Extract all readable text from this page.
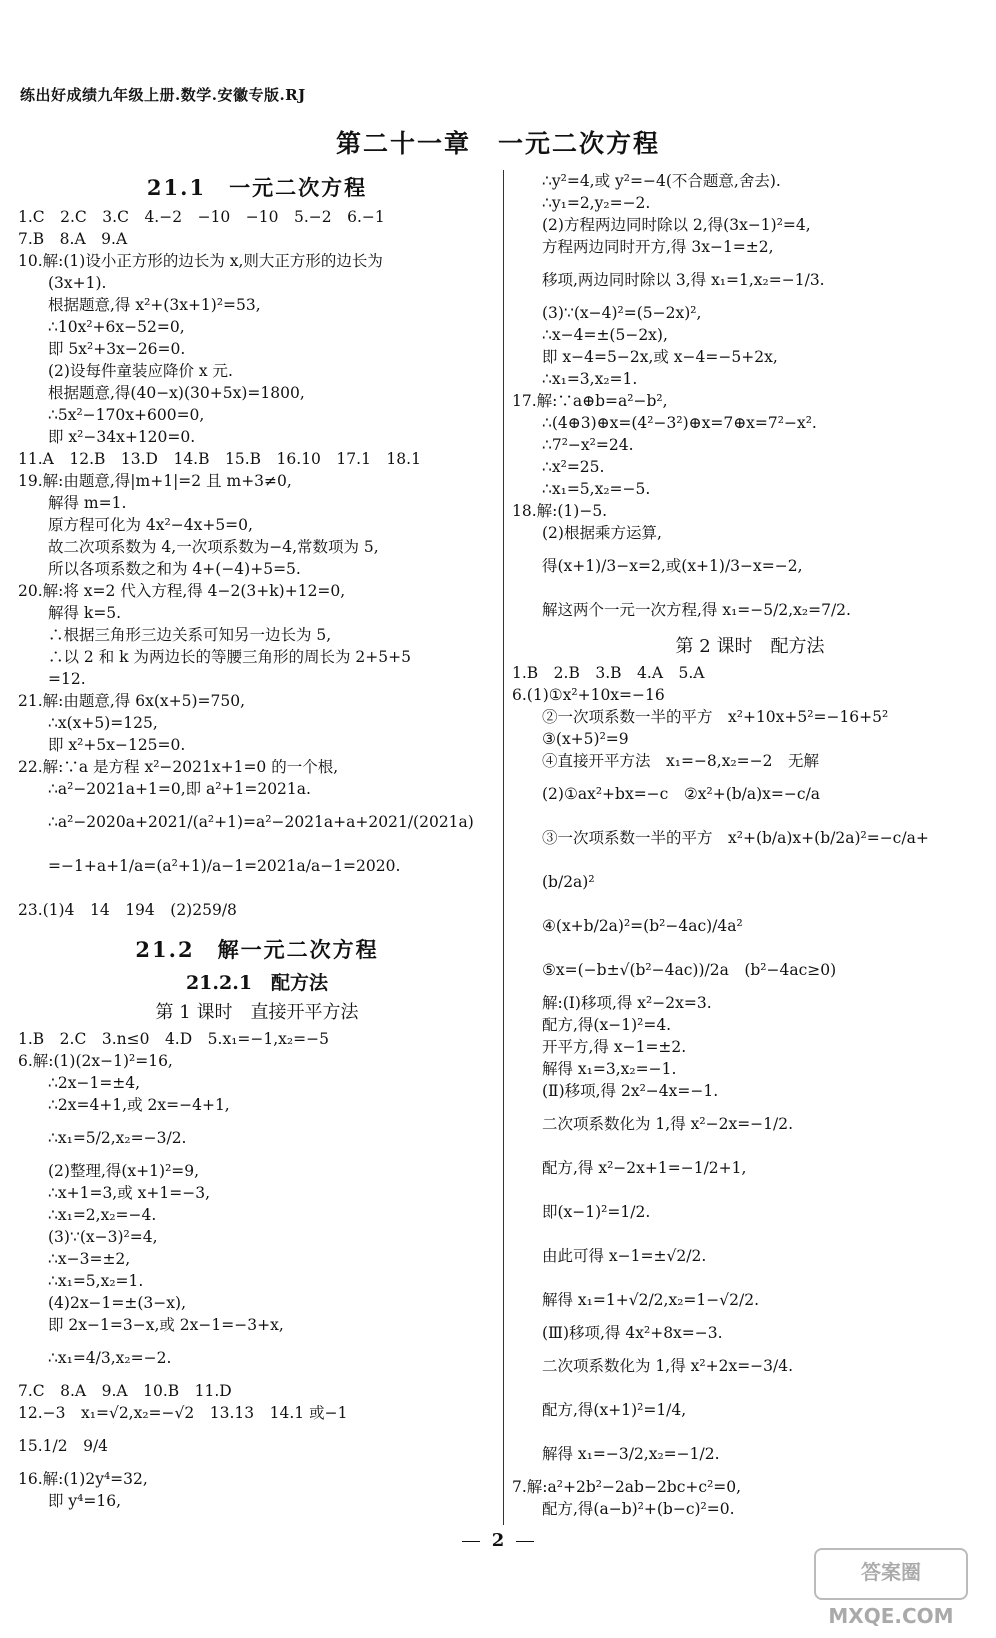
练出好成绩九年级上册.数学.安徽专版.RJ
第二十一章　一元二次方程
21.1　一元二次方程
1.C　2.C　3.C　4.−2　−10　−10　5.−2　6.−1
7.B　8.A　9.A
10.解:(1)设小正方形的边长为 x,则大正方形的边长为
(3x+1).
根据题意,得 x²+(3x+1)²=53,
∴10x²+6x−52=0,
即 5x²+3x−26=0.
(2)设每件童装应降价 x 元.
根据题意,得(40−x)(30+5x)=1800,
∴5x²−170x+600=0,
即 x²−34x+120=0.
11.A　12.B　13.D　14.B　15.B　16.10　17.1　18.1
19.解:由题意,得|m+1|=2 且 m+3≠0,
解得 m=1.
原方程可化为 4x²−4x+5=0,
故二次项系数为 4,一次项系数为−4,常数项为 5,
所以各项系数之和为 4+(−4)+5=5.
20.解:将 x=2 代入方程,得 4−2(3+k)+12=0,
解得 k=5.
∴根据三角形三边关系可知另一边长为 5,
∴以 2 和 k 为两边长的等腰三角形的周长为 2+5+5
=12.
21.解:由题意,得 6x(x+5)=750,
∴x(x+5)=125,
即 x²+5x−125=0.
22.解:∵a 是方程 x²−2021x+1=0 的一个根,
∴a²−2021a+1=0,即 a²+1=2021a.
∴a²−2020a+2021/(a²+1)=a²−2021a+a+2021/(2021a)
=−1+a+1/a=(a²+1)/a−1=2021a/a−1=2020.
23.(1)4　14　194　(2)259/8
21.2　解一元二次方程
21.2.1　配方法
第 1 课时　直接开平方法
1.B　2.C　3.n≤0　4.D　5.x₁=−1,x₂=−5
6.解:(1)(2x−1)²=16,
∴2x−1=±4,
∴2x=4+1,或 2x=−4+1,
∴x₁=5/2,x₂=−3/2.
(2)整理,得(x+1)²=9,
∴x+1=3,或 x+1=−3,
∴x₁=2,x₂=−4.
(3)∵(x−3)²=4,
∴x−3=±2,
∴x₁=5,x₂=1.
(4)2x−1=±(3−x),
即 2x−1=3−x,或 2x−1=−3+x,
∴x₁=4/3,x₂=−2.
7.C　8.A　9.A　10.B　11.D
12.−3　x₁=√2,x₂=−√2　13.13　14.1 或−1
15.1/2　9/4
16.解:(1)2y⁴=32,
即 y⁴=16,
∴y²=4,或 y²=−4(不合题意,舍去).
∴y₁=2,y₂=−2.
(2)方程两边同时除以 2,得(3x−1)²=4,
方程两边同时开方,得 3x−1=±2,
移项,两边同时除以 3,得 x₁=1,x₂=−1/3.
(3)∵(x−4)²=(5−2x)²,
∴x−4=±(5−2x),
即 x−4=5−2x,或 x−4=−5+2x,
∴x₁=3,x₂=1.
17.解:∵a⊕b=a²−b²,
∴(4⊕3)⊕x=(4²−3²)⊕x=7⊕x=7²−x².
∴7²−x²=24.
∴x²=25.
∴x₁=5,x₂=−5.
18.解:(1)−5.
(2)根据乘方运算,
得(x+1)/3−x=2,或(x+1)/3−x=−2,
解这两个一元一次方程,得 x₁=−5/2,x₂=7/2.
第 2 课时　配方法
1.B　2.B　3.B　4.A　5.A
6.(1)①x²+10x=−16
②一次项系数一半的平方　x²+10x+5²=−16+5²
③(x+5)²=9
④直接开平方法　x₁=−8,x₂=−2　无解
(2)①ax²+bx=−c　②x²+(b/a)x=−c/a
③一次项系数一半的平方　x²+(b/a)x+(b/2a)²=−c/a+
(b/2a)²
④(x+b/2a)²=(b²−4ac)/4a²
⑤x=(−b±√(b²−4ac))/2a　(b²−4ac≥0)
解:(Ⅰ)移项,得 x²−2x=3.
配方,得(x−1)²=4.
开平方,得 x−1=±2.
解得 x₁=3,x₂=−1.
(Ⅱ)移项,得 2x²−4x=−1.
二次项系数化为 1,得 x²−2x=−1/2.
配方,得 x²−2x+1=−1/2+1,
即(x−1)²=1/2.
由此可得 x−1=±√2/2.
解得 x₁=1+√2/2,x₂=1−√2/2.
(Ⅲ)移项,得 4x²+8x=−3.
二次项系数化为 1,得 x²+2x=−3/4.
配方,得(x+1)²=1/4,
解得 x₁=−3/2,x₂=−1/2.
7.解:a²+2b²−2ab−2bc+c²=0,
配方,得(a−b)²+(b−c)²=0.
2
答案圈 MXQE.COM
